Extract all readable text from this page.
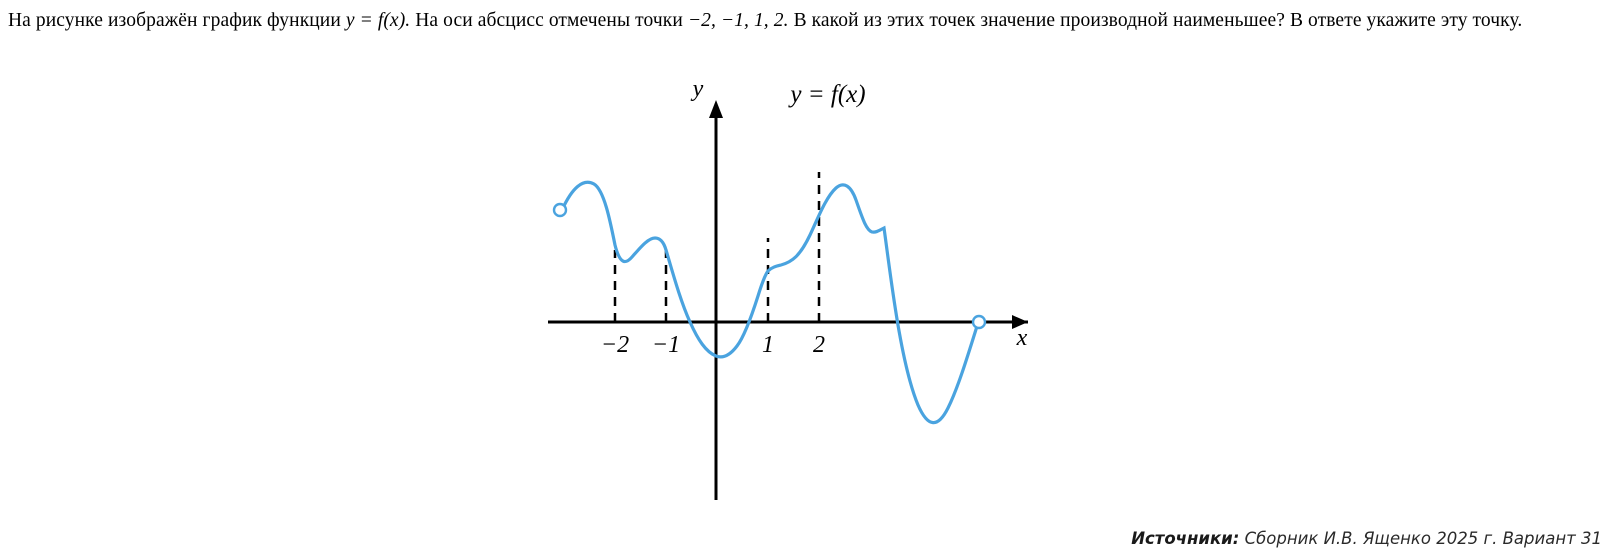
На рисунке изображён график функции y = f(x). На оси абсцисс отмечены точки −2, −1, 1, 2. В какой из этих точек значение производной наименьшее? В ответе укажите эту точку.
−2 −1	1 2	x
y	y = f(x)
Источники: Сборник И.В. Ященко 2025 г. Вариант 31
